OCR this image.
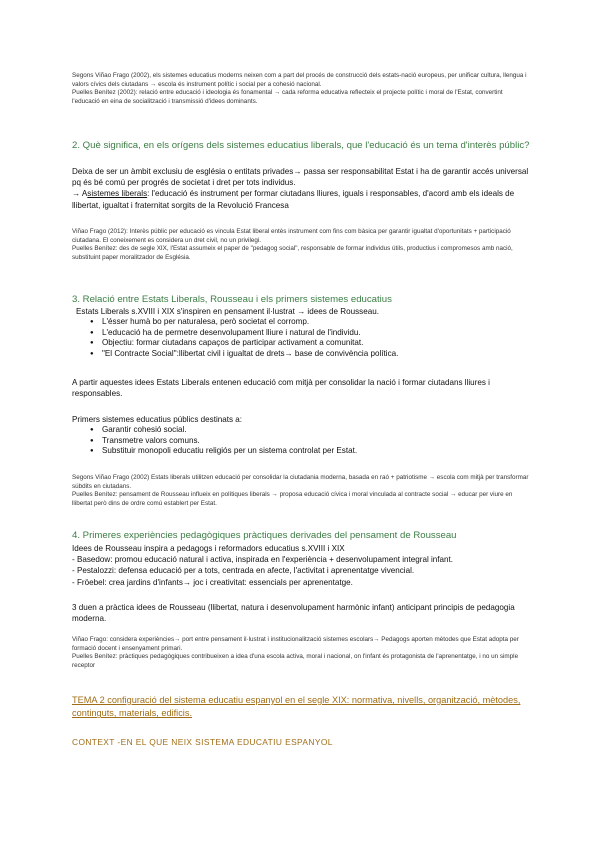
Segons Viñao Frago (2002), els sistemes educatius moderns neixen com a part del procés de construcció dels estats-nació europeus, per unificar cultura, llengua i valors cívics dels ciutadans → escola és instrument polític i social per a cohesió nacional.

Puelles Benítez (2002): relació entre educació i ideologia és fonamental → cada reforma educativa reflecteix el projecte polític i moral de l'Estat, convertint l'educació en eina de socialització i transmissió d'idees dominants.

2. Què significa, en els orígens dels sistemes educatius liberals, que l'educació és un tema d'interès públic?

Deixa de ser un àmbit exclusiu de església o entitats privades→ passa ser responsabilitat Estat i ha de garantir accés universal pq és bé comú per progrés de societat i dret per tots individus.

→ Asistemes liberals: l'educació és instrument per formar ciutadans lliures, iguals i responsables, d'acord amb els ideals de llibertat, igualtat i fraternitat sorgits de la Revolució Francesa

Viñao Frago (2012): Interès públic per educació es vincula Estat liberal entès instrument com fins com bàsica per garantir igualtat d'oportunitats + participació ciutadana. El coneixement es considera un dret civil, no un privilegi.

Puelles Benítez: des de segle XIX, l'Estat assumeix el paper de "pedagog social", responsable de formar individus útils, productius i compromesos amb nació, substituint paper moralitzador de Església.

3. Relació entre Estats Liberals, Rousseau i els primers sistemes educatius

Estats Liberals s.XVIII i XIX s'inspiren en pensament il·lustrat → idees de Rousseau.

● L'ésser humà bo per naturalesa, però societat el corromp.
● L'educació ha de permetre desenvolupament lliure i natural de l'individu.
● Objectiu: formar ciutadans capaços de participar activament a comunitat.
● "El Contracte Social":llibertat civil i igualtat de drets→ base de convivència política.
A partir aquestes idees Estats Liberals entenen educació com mitjà per consolidar la nació i formar ciutadans lliures i responsables.

Primers sistemes educatius públics destinats a:

● Garantir cohesió social.
● Transmetre valors comuns.
● Substituir monopoli educatiu religiós per un sistema controlat per Estat.

Segons Viñao Frago (2002) Estats liberals utilitzen educació per consolidar la ciutadania moderna, basada en raó + patriotisme → escola com mitjà per transformar súbdits en ciutadans.

Puelles Benítez: pensament de Rousseau influeix en polítiques liberals → proposa educació cívica i moral vinculada al contracte social → educar per viure en llibertat però dins de ordre comú establert per Estat.

4. Primeres experiències pedagògiques pràctiques derivades del pensament de Rousseau

Idees de Rousseau inspira a pedagogs i reformadors educatius s.XVIII i XIX

- Basedow: promou educació natural i activa, inspirada en l'experiència + desenvolupament integral infant.

- Pestalozzi: defensa educació per a tots, centrada en afecte, l'activitat i aprenentatge vivencial.

- Fröebel: crea jardins d'infants→ joc i creativitat: essencials per aprenentatge.

3 duen a pràctica idees de Rousseau (llibertat, natura i desenvolupament harmònic infant) anticipant principis de pedagogia moderna.

Viñao Frago: considera experiències→ port entre pensament il·lustrat i institucionalització sistemes escolars→ Pedagogs aporten mètodes que Estat adopta per formació docent i ensenyament primari.

Puelles Benítez: pràctiques pedagògiques contribueixen a idea d'una escola activa, moral i nacional, on l'infant és protagonista de l'aprenentatge, i no un simple receptor

TEMA 2 configuració del sistema educatiu espanyol en el segle XIX: normativa, nivells, organització, mètodes, continguts, materials, edificis.
CONTEXT -EN EL QUE NEIX SISTEMA EDUCATIU ESPANYOL
